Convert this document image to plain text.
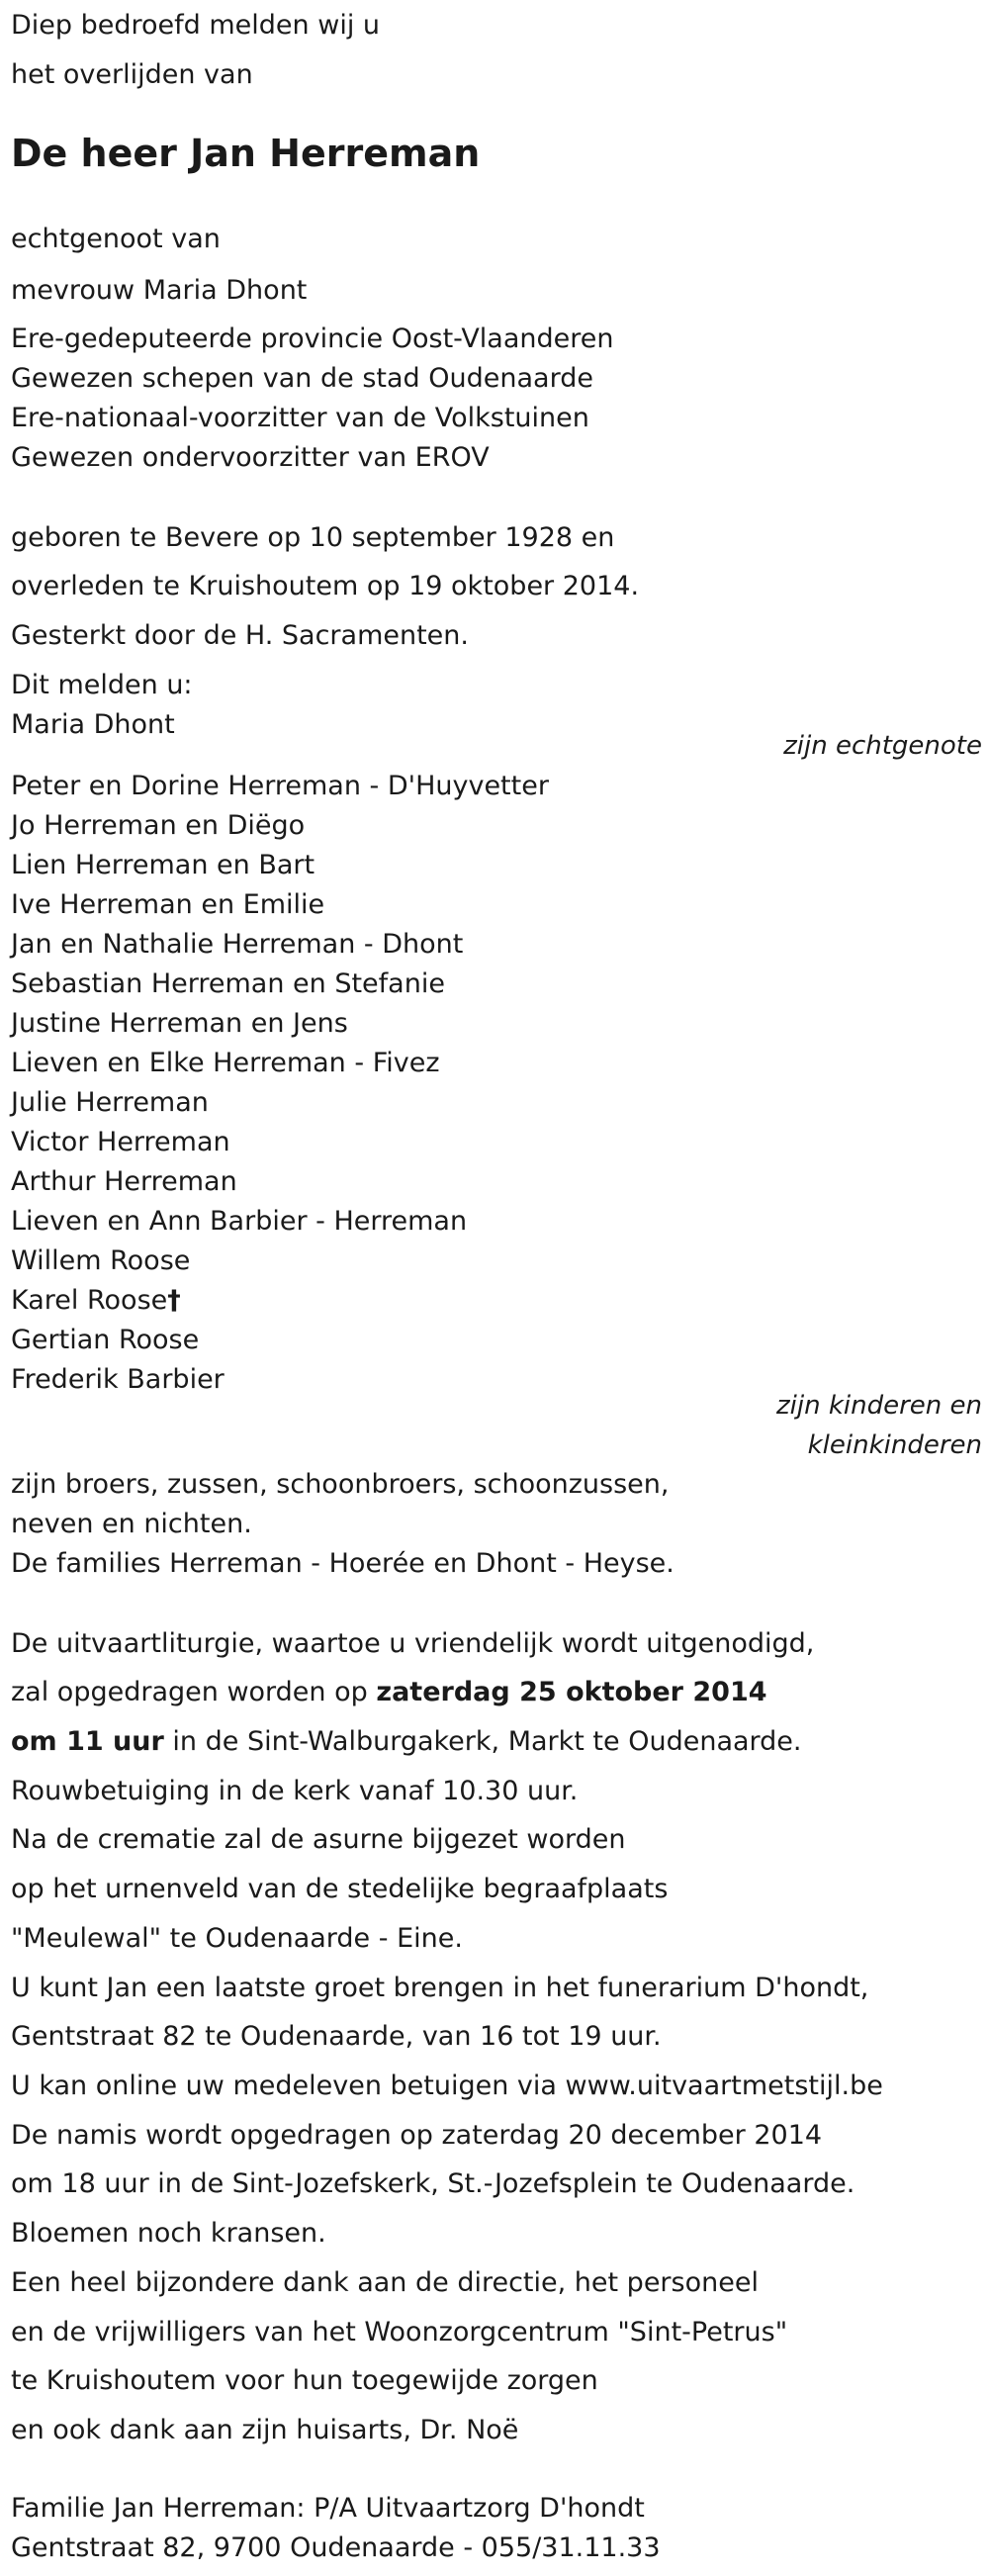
Diep bedroefd melden wij u
het overlijden van
De heer Jan Herreman
echtgenoot van
mevrouw Maria Dhont
Ere-gedeputeerde provincie Oost-Vlaanderen
Gewezen schepen van de stad Oudenaarde
Ere-nationaal-voorzitter van de Volkstuinen
Gewezen ondervoorzitter van EROV
geboren te Bevere op 10 september 1928 en
overleden te Kruishoutem op 19 oktober 2014.
Gesterkt door de H. Sacramenten.
Dit melden u:
Maria Dhont
zijn echtgenote
Peter en Dorine Herreman - D'Huyvetter
Jo Herreman en Diëgo
Lien Herreman en Bart
Ive Herreman en Emilie
Jan en Nathalie Herreman - Dhont
Sebastian Herreman en Stefanie
Justine Herreman en Jens
Lieven en Elke Herreman - Fivez
Julie Herreman
Victor Herreman
Arthur Herreman
Lieven en Ann Barbier - Herreman
Willem Roose
Karel Roose†
Gertian Roose
Frederik Barbier
zijn kinderen en
kleinkinderen
zijn broers, zussen, schoonbroers, schoonzussen,
neven en nichten.
De families Herreman - Hoerée en Dhont - Heyse.
De uitvaartliturgie, waartoe u vriendelijk wordt uitgenodigd,
zal opgedragen worden op zaterdag 25 oktober 2014
om 11 uur in de Sint-Walburgakerk, Markt te Oudenaarde.
Rouwbetuiging in de kerk vanaf 10.30 uur.
Na de crematie zal de asurne bijgezet worden
op het urnenveld van de stedelijke begraafplaats
"Meulewal" te Oudenaarde - Eine.
U kunt Jan een laatste groet brengen in het funerarium D'hondt,
Gentstraat 82 te Oudenaarde, van 16 tot 19 uur.
U kan online uw medeleven betuigen via www.uitvaartmetstijl.be
De namis wordt opgedragen op zaterdag 20 december 2014
om 18 uur in de Sint-Jozefskerk, St.-Jozefsplein te Oudenaarde.
Bloemen noch kransen.
Een heel bijzondere dank aan de directie, het personeel
en de vrijwilligers van het Woonzorgcentrum "Sint-Petrus"
te Kruishoutem voor hun toegewijde zorgen
en ook dank aan zijn huisarts, Dr. Noë
Familie Jan Herreman: P/A Uitvaartzorg D'hondt
Gentstraat 82, 9700 Oudenaarde - 055/31.11.33
